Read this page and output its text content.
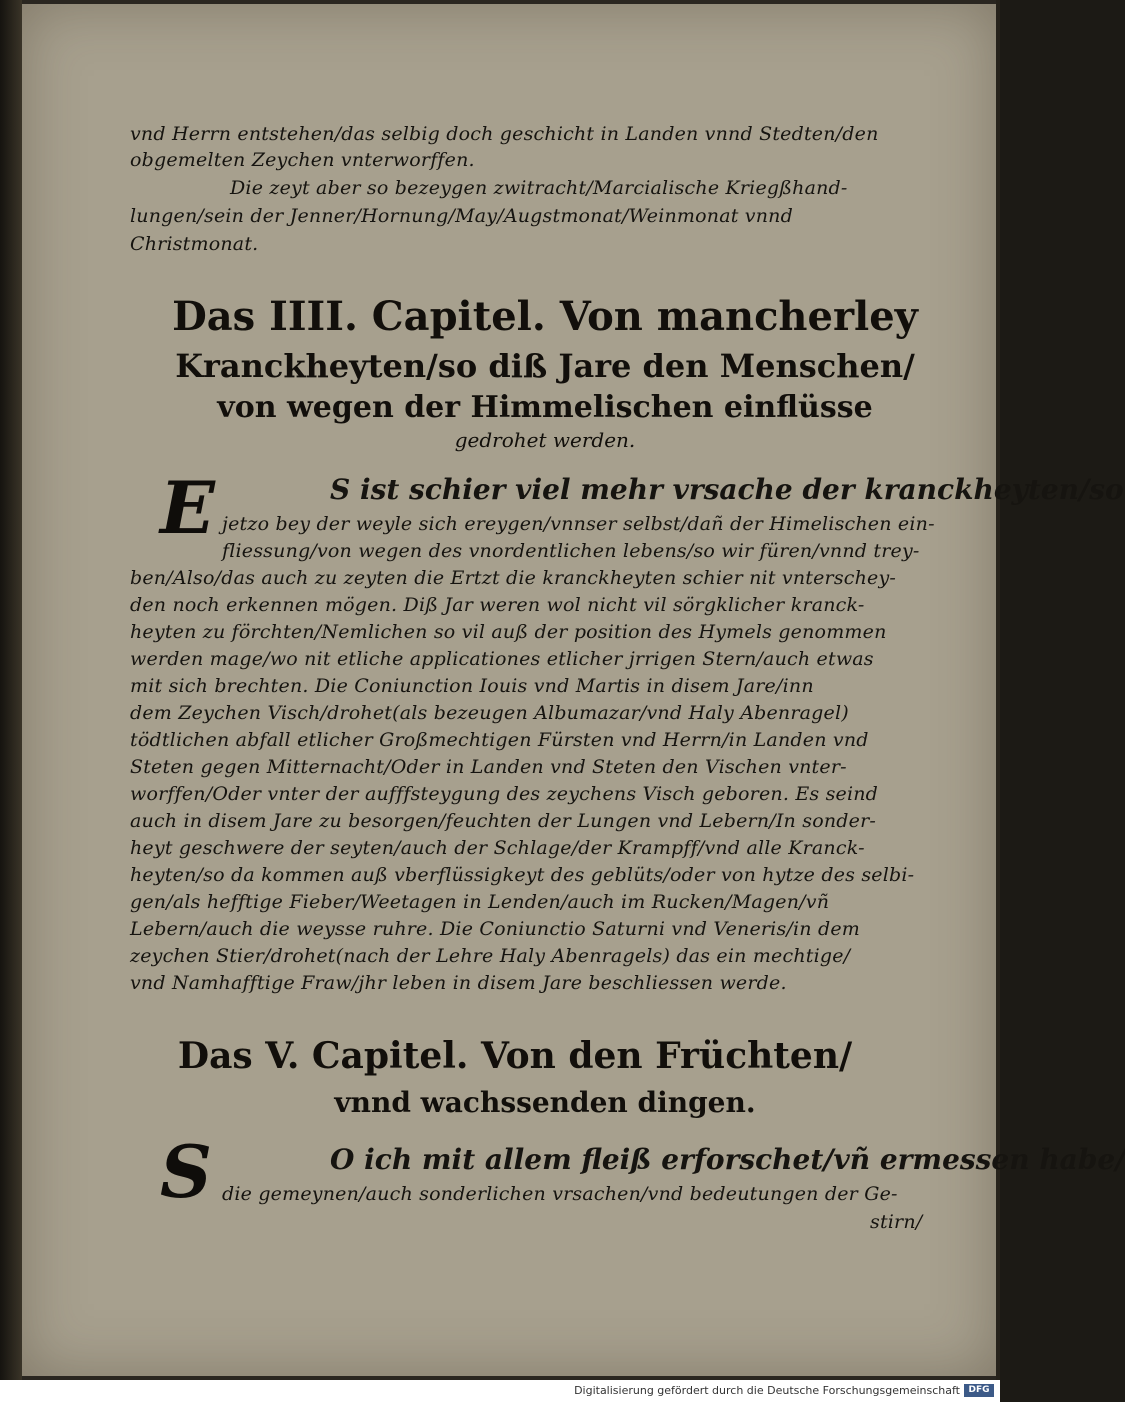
vnd Herrn entstehen/das selbig doch geschicht in Landen vnnd Stedten/den
obgemelten Zeychen vnterworffen.
Die zeyt aber so bezeygen zwitracht/Marcialische Kriegßhand-
lungen/sein der Jenner/Hornung/May/Augstmonat/Weinmonat vnnd
Christmonat.
Das IIII. Capitel. Von mancherley
Kranckheyten/so diß Jare den Menschen/
von wegen der Himmelischen einflüsse
gedrohet werden.
E	S ist schier viel mehr vrsache der kranckheyten/so
jetzo bey der weyle sich ereygen/vnnser selbst/dañ der Himelischen ein-
fliessung/von wegen des vnordentlichen lebens/so wir füren/vnnd trey-
ben/Also/das auch zu zeyten die Ertzt die kranckheyten schier nit vnterschey-
den noch erkennen mögen. Diß Jar weren wol nicht vil sörgklicher kranck-
heyten zu förchten/Nemlichen so vil auß der position des Hymels genommen
werden mage/wo nit etliche applicationes etlicher jrrigen Stern/auch etwas
mit sich brechten. Die Coniunction Iouis vnd Martis in disem Jare/inn
dem Zeychen Visch/drohet(als bezeugen Albumazar/vnd Haly Abenragel)
tödtlichen abfall etlicher Großmechtigen Fürsten vnd Herrn/in Landen vnd
Steten gegen Mitternacht/Oder in Landen vnd Steten den Vischen vnter-
worffen/Oder vnter der aufffsteygung des zeychens Visch geboren. Es seind
auch in disem Jare zu besorgen/feuchten der Lungen vnd Lebern/In sonder-
heyt geschwere der seyten/auch der Schlage/der Krampff/vnd alle Kranck-
heyten/so da kommen auß vberflüssigkeyt des geblüts/oder von hytze des selbi-
gen/als hefftige Fieber/Weetagen in Lenden/auch im Rucken/Magen/vñ
Lebern/auch die weysse ruhre. Die Coniunctio Saturni vnd Veneris/in dem
zeychen Stier/drohet(nach der Lehre Haly Abenragels) das ein mechtige/
vnd Namhafftige Fraw/jhr leben in disem Jare beschliessen werde.
Das V. Capitel. Von den Früchten/
vnnd wachssenden dingen.
S	O ich mit allem fleiß erforschet/vñ ermessen habe/
die gemeynen/auch sonderlichen vrsachen/vnd bedeutungen der Ge-
stirn/
Digitalisierung gefördert durch die Deutsche Forschungsgemeinschaft DFG
